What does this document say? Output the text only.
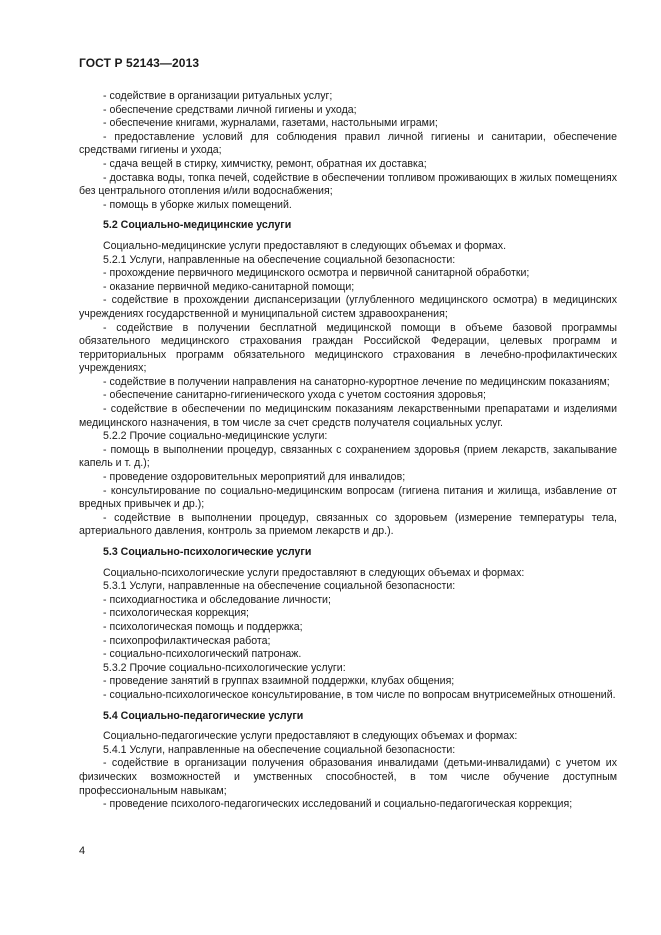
ГОСТ Р 52143—2013

- содействие в организации ритуальных услуг;

- обеспечение средствами личной гигиены и ухода;

- обеспечение книгами, журналами, газетами, настольными играми;

- предоставление условий для соблюдения правил личной гигиены и санитарии, обеспечение средствами гигиены и ухода;

- сдача вещей в стирку, химчистку, ремонт, обратная их доставка;

- доставка воды, топка печей, содействие в обеспечении топливом проживающих в жилых помещениях без центрального отопления и/или водоснабжения;

- помощь в уборке жилых помещений.

5.2 Социально-медицинские услуги

Социально-медицинские услуги предоставляют в следующих объемах и формах.

5.2.1 Услуги, направленные на обеспечение социальной безопасности:

- прохождение первичного медицинского осмотра и первичной санитарной обработки;

- оказание первичной медико-санитарной помощи;

- содействие в прохождении диспансеризации (углубленного медицинского осмотра) в медицинских учреждениях государственной и муниципальной систем здравоохранения;

- содействие в получении бесплатной медицинской помощи в объеме базовой программы обязательного медицинского страхования граждан Российской Федерации, целевых программ и территориальных программ обязательного медицинского страхования в лечебно-профилактических учреждениях;

- содействие в получении направления на санаторно-курортное лечение по медицинским показаниям;

- обеспечение санитарно-гигиенического ухода с учетом состояния здоровья;

- содействие в обеспечении по медицинским показаниям лекарственными препаратами и изделиями медицинского назначения, в том числе за счет средств получателя социальных услуг.

5.2.2 Прочие социально-медицинские услуги:

- помощь в выполнении процедур, связанных с сохранением здоровья (прием лекарств, закапывание капель и т. д.);

- проведение оздоровительных мероприятий для инвалидов;

- консультирование по социально-медицинским вопросам (гигиена питания и жилища, избавление от вредных привычек и др.);

- содействие в выполнении процедур, связанных со здоровьем (измерение температуры тела, артериального давления, контроль за приемом лекарств и др.).

5.3 Социально-психологические услуги

Социально-психологические услуги предоставляют в следующих объемах и формах:

5.3.1 Услуги, направленные на обеспечение социальной безопасности:

- психодиагностика и обследование личности;

- психологическая коррекция;

- психологическая помощь и поддержка;

- психопрофилактическая работа;

- социально-психологический патронаж.

5.3.2 Прочие социально-психологические услуги:

- проведение занятий в группах взаимной поддержки, клубах общения;

- социально-психологическое консультирование, в том числе по вопросам внутрисемейных отношений.

5.4 Социально-педагогические услуги

Социально-педагогические услуги предоставляют в следующих объемах и формах:

5.4.1 Услуги, направленные на обеспечение социальной безопасности:

- содействие в организации получения образования инвалидами (детьми-инвалидами) с учетом их физических возможностей и умственных способностей, в том числе обучение доступным профессиональным навыкам;

- проведение психолого-педагогических исследований и социально-педагогическая коррекция;

4
